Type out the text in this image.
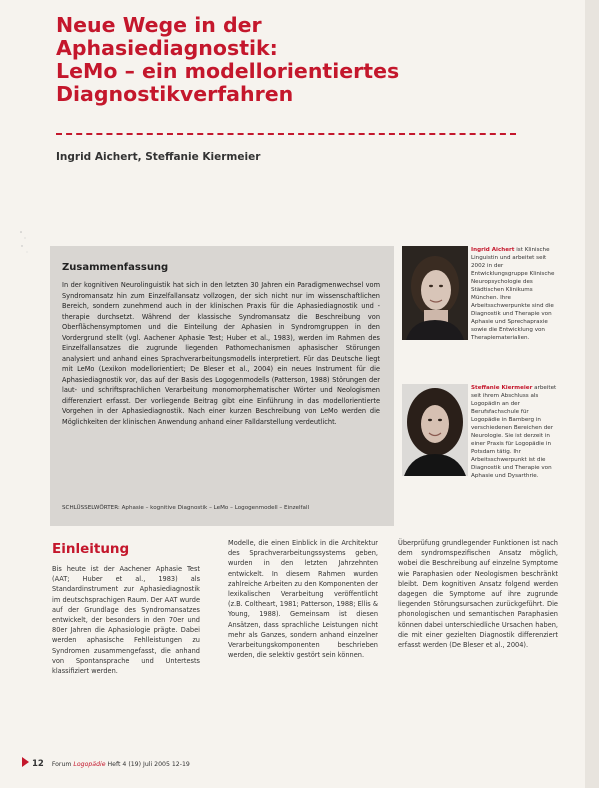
Neue Wege in der
Aphasiediagnostik:
LeMo – ein modellorientiertes
Diagnostikverfahren
Ingrid Aichert, Steffanie Kiermeier
Zusammenfassung

In der kognitiven Neurolinguistik hat sich in den letzten 30 Jahren ein Paradigmenwechsel vom Syndromansatz hin zum Einzelfallansatz vollzogen, der sich nicht nur im wissenschaftlichen Bereich, sondern zunehmend auch in der klinischen Praxis für die Aphasiediagnostik und -therapie durchsetzt. Während der klassische Syndromansatz die Beschreibung von Oberflächensymptomen und die Einteilung der Aphasien in Syndromgruppen in den Vordergrund stellt (vgl. Aachener Aphasie Test; Huber et al., 1983), werden im Rahmen des Einzelfallansatzes die zugrunde liegenden Pathomechanismen aphasischer Störungen analysiert und anhand eines Sprachverarbeitungsmodells interpretiert. Für das Deutsche liegt mit LeMo (Lexikon modellorientiert; De Bleser et al., 2004) ein neues Instrument für die Aphasiediagnostik vor, das auf der Basis des Logogenmodells (Patterson, 1988) Störungen der laut- und schriftsprachlichen Verarbeitung monomorphematischer Wörter und Neologismen differenziert erfasst. Der vorliegende Beitrag gibt eine Einführung in das modellorientierte Vorgehen in der Aphasiediagnostik. Nach einer kurzen Beschreibung von LeMo werden die Möglichkeiten der klinischen Anwendung anhand einer Falldarstellung verdeutlicht.

SCHLÜSSELWÖRTER: Aphasie – kognitive Diagnostik – LeMo – Logogenmodell – Einzelfall
Ingrid Aichert ist Klinische Linguistin und arbeitet seit 2002 in der Entwicklungsgruppe Klinische Neuropsychologie des Städtischen Klinikums München. Ihre Arbeitsschwerpunkte sind die Diagnostik und Therapie von Aphasie und Sprechapraxie sowie die Entwicklung von Therapiematerialien.
Steffanie Kiermeier arbeitet seit ihrem Abschluss als Logopädin an der Berufsfachschule für Logopädie in Bamberg in verschiedenen Bereichen der Neurologie. Sie ist derzeit in einer Praxis für Logopädie in Potsdam tätig. Ihr Arbeitsschwerpunkt ist die Diagnostik und Therapie von Aphasie und Dysarthrie.
Einleitung

Bis heute ist der Aachener Aphasie Test (AAT; Huber et al., 1983) als Standardinstrument zur Aphasiediagnostik im deutschsprachigen Raum. Der AAT wurde auf der Grundlage des Syndromansatzes entwickelt, der besonders in den 70er und 80er Jahren die Aphasiologie prägte. Dabei werden aphasische Fehlleistungen zu Syndromen zusammengefasst, die anhand von Spontansprache und Untertests klassifiziert werden.

Modelle, die einen Einblick in die Architektur des Sprachverarbeitungssystems geben, wurden in den letzten Jahrzehnten entwickelt. In diesem Rahmen wurden zahlreiche Arbeiten zu den Komponenten der lexikalischen Verarbeitung veröffentlicht (z.B. Coltheart, 1981; Patterson, 1988; Ellis & Young, 1988). Gemeinsam ist diesen Ansätzen, dass sprachliche Leistungen nicht mehr als Ganzes, sondern anhand einzelner Verarbeitungskomponenten beschrieben werden, die selektiv gestört sein können.

Überprüfung grundlegender Funktionen ist nach dem syndromspezifischen Ansatz möglich, wobei die Beschreibung auf einzelne Symptome wie Paraphasien oder Neologismen beschränkt bleibt. Dem kognitiven Ansatz folgend werden dagegen die Symptome auf ihre zugrunde liegenden Störungsursachen zurückgeführt. Die phonologischen und semantischen Paraphasien können dabei unterschiedliche Ursachen haben, die mit einer gezielten Diagnostik differenziert erfasst werden (De Bleser et al., 2004).

12 Forum Logopädie Heft 4 (19) Juli 2005 12-19
